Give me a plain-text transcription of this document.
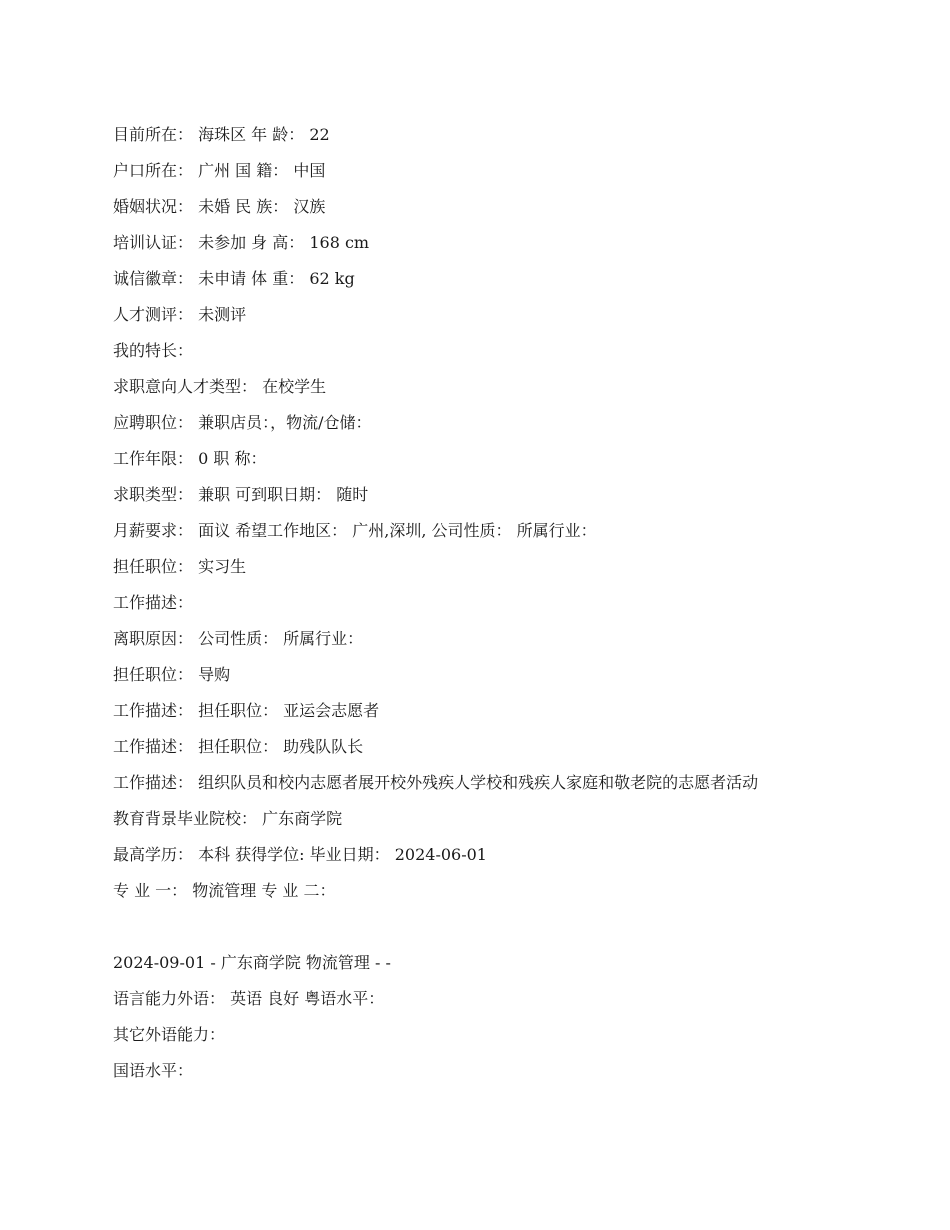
目前所在： 海珠区 年 龄： 22
户口所在： 广州 国 籍： 中国
婚姻状况： 未婚 民 族： 汉族
培训认证： 未参加 身 高： 168 cm
诚信徽章： 未申请 体 重： 62 kg
人才测评： 未测评
我的特长：
求职意向人才类型： 在校学生
应聘职位： 兼职店员：，物流/仓储：
工作年限： 0 职 称：
求职类型： 兼职 可到职日期： 随时
月薪要求： 面议 希望工作地区： 广州,深圳, 公司性质： 所属行业：
担任职位： 实习生
工作描述：
离职原因： 公司性质： 所属行业：
担任职位： 导购
工作描述： 担任职位： 亚运会志愿者
工作描述： 担任职位： 助残队队长
工作描述： 组织队员和校内志愿者展开校外残疾人学校和残疾人家庭和敬老院的志愿者活动
教育背景毕业院校： 广东商学院
最高学历： 本科 获得学位: 毕业日期： 2024-06-01
专 业 一： 物流管理 专 业 二：
2024-09-01 - 广东商学院 物流管理 - -
语言能力外语： 英语 良好 粤语水平：
其它外语能力：
国语水平：
